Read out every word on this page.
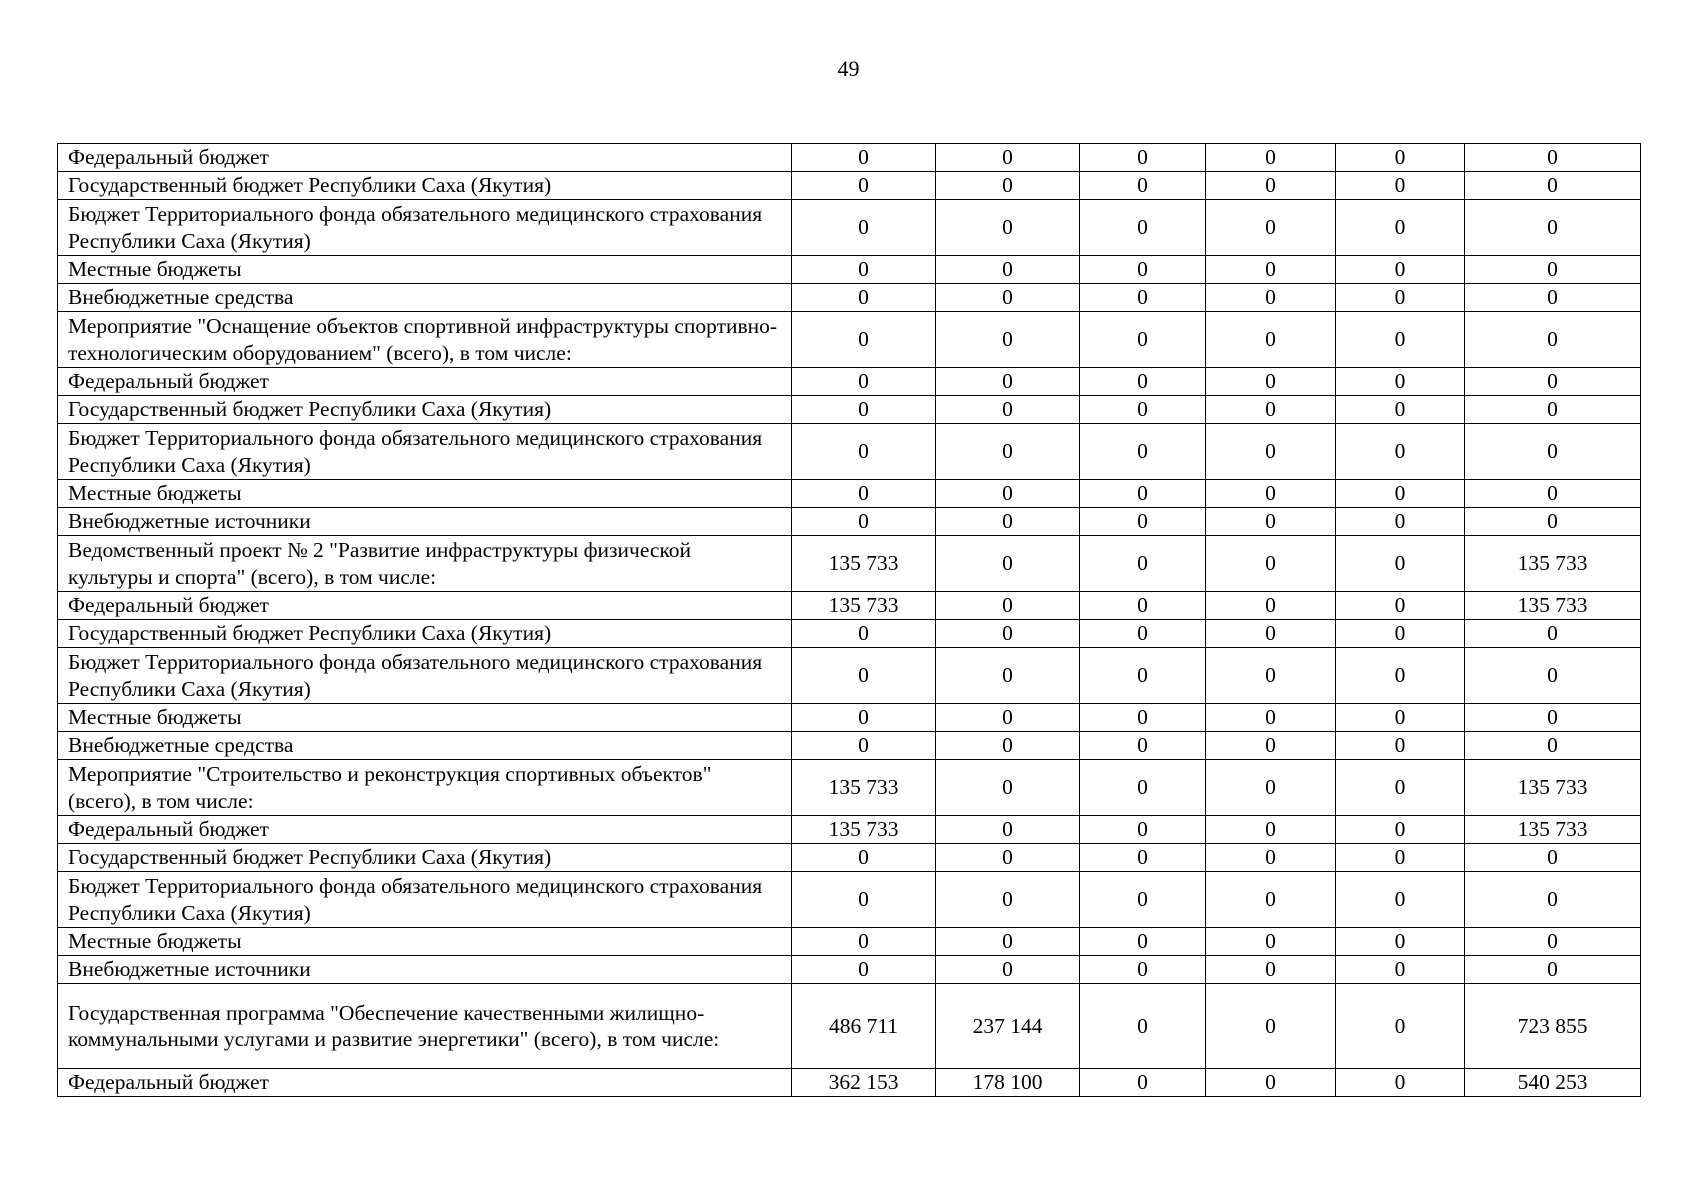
49
Федеральный бюджет	0	0	0	0	0	0
Государственный бюджет Республики Саха (Якутия)	0	0	0	0	0	0
Бюджет Территориального фонда обязательного медицинского страхования Республики Саха (Якутия)	0	0	0	0	0	0
Местные бюджеты	0	0	0	0	0	0
Внебюджетные средства	0	0	0	0	0	0
Мероприятие "Оснащение объектов спортивной инфраструктуры спортивно-технологическим оборудованием" (всего), в том числе:	0	0	0	0	0	0
Федеральный бюджет	0	0	0	0	0	0
Государственный бюджет Республики Саха (Якутия)	0	0	0	0	0	0
Бюджет Территориального фонда обязательного медицинского страхования Республики Саха (Якутия)	0	0	0	0	0	0
Местные бюджеты	0	0	0	0	0	0
Внебюджетные источники	0	0	0	0	0	0
Ведомственный проект № 2 "Развитие инфраструктуры физической культуры и спорта" (всего), в том числе:	135 733	0	0	0	0	135 733
Федеральный бюджет	135 733	0	0	0	0	135 733
Государственный бюджет Республики Саха (Якутия)	0	0	0	0	0	0
Бюджет Территориального фонда обязательного медицинского страхования Республики Саха (Якутия)	0	0	0	0	0	0
Местные бюджеты	0	0	0	0	0	0
Внебюджетные средства	0	0	0	0	0	0
Мероприятие "Строительство и реконструкция спортивных объектов" (всего), в том числе:	135 733	0	0	0	0	135 733
Федеральный бюджет	135 733	0	0	0	0	135 733
Государственный бюджет Республики Саха (Якутия)	0	0	0	0	0	0
Бюджет Территориального фонда обязательного медицинского страхования Республики Саха (Якутия)	0	0	0	0	0	0
Местные бюджеты	0	0	0	0	0	0
Внебюджетные источники	0	0	0	0	0	0
Государственная программа "Обеспечение качественными жилищно-коммунальными услугами и развитие энергетики" (всего), в том числе:	486 711	237 144	0	0	0	723 855
Федеральный бюджет	362 153	178 100	0	0	0	540 253
